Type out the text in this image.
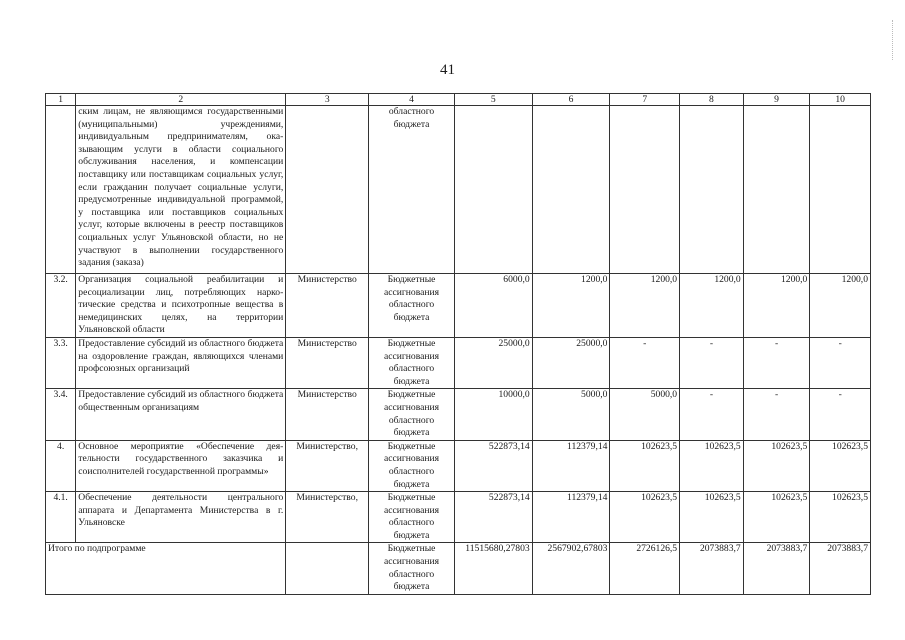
41
1	2	3	4	5	6	7	8	9	10
	ским лицам, не являющимся государственными (муниципальными) учреждениями, индивидуальным предпринимателям, оказывающим услуги в области социального обслуживания населения, и компенсации поставщику или поставщикам социальных услуг, если гражданин получает социальные услуги, предусмотренные индивидуальной программой, у поставщика или поставщиков социальных услуг, которые включены в реестр поставщиков социальных услуг Ульяновской области, но не участвуют в выполнении государственного задания (заказа)		областного бюджета						
3.2.	Организация социальной реабилитации и ресоциализации лиц, потребляющих наркотические средства и психотропные вещества в немедицинских целях, на территории Ульяновской области	Министерство	Бюджетные ассигнования областного бюджета	6000,0	1200,0	1200,0	1200,0	1200,0	1200,0
3.3.	Предоставление субсидий из областного бюджета на оздоровление граждан, являющихся членами профсоюзных организаций	Министерство	Бюджетные ассигнования областного бюджета	25000,0	25000,0	-	-	-	-
3.4.	Предоставление субсидий из областного бюджета общественным организациям	Министерство	Бюджетные ассигнования областного бюджета	10000,0	5000,0	5000,0	-	-	-
4.	Основное мероприятие «Обеспечение деятельности государственного заказчика и соисполнителей государственной программы»	Министерство,	Бюджетные ассигнования областного бюджета	522873,14	112379,14	102623,5	102623,5	102623,5	102623,5
4.1.	Обеспечение деятельности центрального аппарата и Департамента Министерства в г. Ульяновске	Министерство,	Бюджетные ассигнования областного бюджета	522873,14	112379,14	102623,5	102623,5	102623,5	102623,5
Итого по подпрограмме			Бюджетные ассигнования областного бюджета	11515680,27803	2567902,67803	2726126,5	2073883,7	2073883,7	2073883,7
